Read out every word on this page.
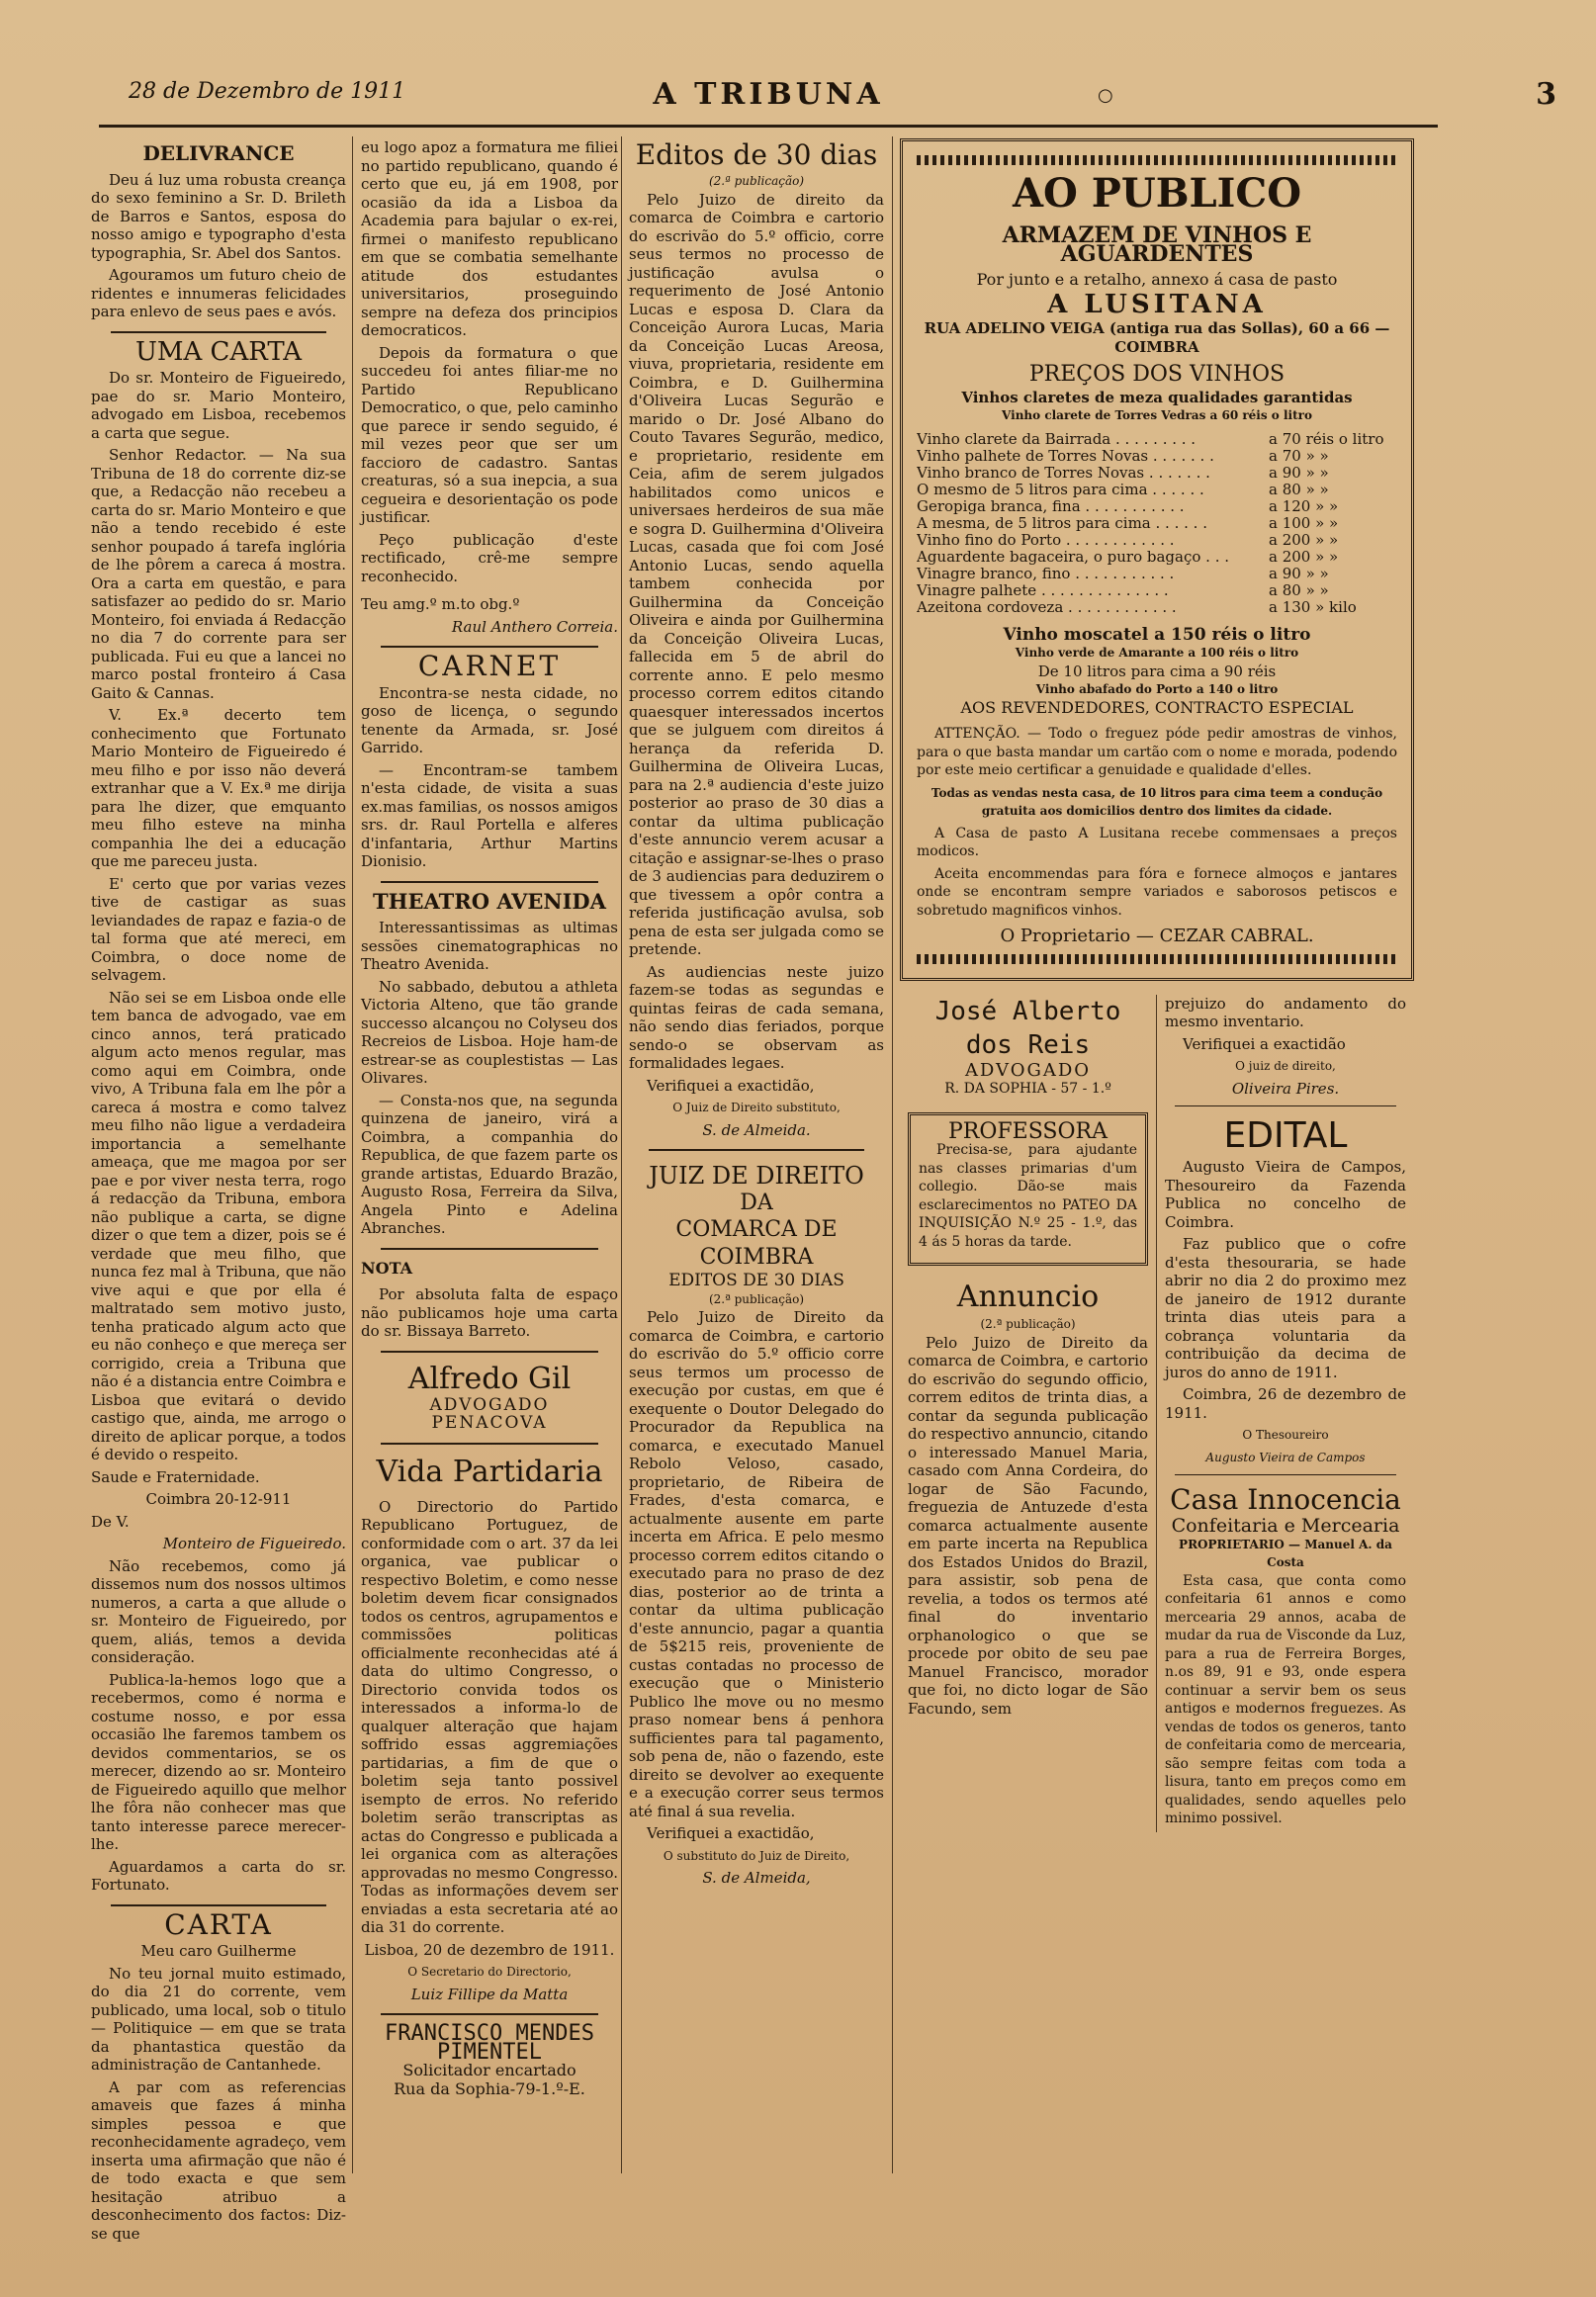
28 de Dezembro de 1911	A TRIBUNA	○	3
DELIVRANCE

Deu á luz uma robusta creança do sexo feminino a Sr. D. Brileth de Barros e Santos, esposa do nosso amigo e typographo d'esta typographia, Sr. Abel dos Santos.

Agouramos um futuro cheio de ridentes e innumeras felicidades para enlevo de seus paes e avós.

UMA CARTA

Do sr. Monteiro de Figueiredo, pae do sr. Mario Monteiro, advogado em Lisboa, recebemos a carta que segue.

Senhor Redactor. — Na sua Tribuna de 18 do corrente diz-se que, a Redacção não recebeu a carta do sr. Mario Monteiro e que não a tendo recebido é este senhor poupado á tarefa inglória de lhe pôrem a careca á mostra. Ora a carta em questão, e para satisfazer ao pedido do sr. Mario Monteiro, foi enviada á Redacção no dia 7 do corrente para ser publicada. Fui eu que a lancei no marco postal fronteiro á Casa Gaito & Cannas.

V. Ex.ª decerto tem conhecimento que Fortunato Mario Monteiro de Figueiredo é meu filho e por isso não deverá extranhar que a V. Ex.ª me dirija para lhe dizer, que emquanto meu filho esteve na minha companhia lhe dei a educação que me pareceu justa.

E' certo que por varias vezes tive de castigar as suas leviandades de rapaz e fazia-o de tal forma que até mereci, em Coimbra, o doce nome de selvagem.

Não sei se em Lisboa onde elle tem banca de advogado, vae em cinco annos, terá praticado algum acto menos regular, mas como aqui em Coimbra, onde vivo, A Tribuna fala em lhe pôr a careca á mostra e como talvez meu filho não ligue a verdadeira importancia a semelhante ameaça, que me magoa por ser pae e por viver nesta terra, rogo á redacção da Tribuna, embora não publique a carta, se digne dizer o que tem a dizer, pois se é verdade que meu filho, que nunca fez mal à Tribuna, que não vive aqui e que por ella é maltratado sem motivo justo, tenha praticado algum acto que eu não conheço e que mereça ser corrigido, creia a Tribuna que não é a distancia entre Coimbra e Lisboa que evitará o devido castigo que, ainda, me arrogo o direito de aplicar porque, a todos é devido o respeito.

Saude e Fraternidade.

Coimbra 20-12-911

De V.

Monteiro de Figueiredo.

Não recebemos, como já dissemos num dos nossos ultimos numeros, a carta a que allude o sr. Monteiro de Figueiredo, por quem, aliás, temos a devida consideração.

Publica-la-hemos logo que a recebermos, como é norma e costume nosso, e por essa occasião lhe faremos tambem os devidos commentarios, se os merecer, dizendo ao sr. Monteiro de Figueiredo aquillo que melhor lhe fôra não conhecer mas que tanto interesse parece merecer-lhe.

Aguardamos a carta do sr. Fortunato.

CARTA

Meu caro Guilherme

No teu jornal muito estimado, do dia 21 do corrente, vem publicado, uma local, sob o titulo — Politiquice — em que se trata da phantastica questão da administração de Cantanhede.

A par com as referencias amaveis que fazes á minha simples pessoa e que reconhecidamente agradeço, vem inserta uma afirmação que não é de todo exacta e que sem hesitação atribuo a desconhecimento dos factos: Diz-se que

eu logo apoz a formatura me filiei no partido republicano, quando é certo que eu, já em 1908, por ocasião da ida a Lisboa da Academia para bajular o ex-rei, firmei o manifesto republicano em que se combatia semelhante atitude dos estudantes universitarios, proseguindo sempre na defeza dos principios democraticos.

Depois da formatura o que succedeu foi antes filiar-me no Partido Republicano Democratico, o que, pelo caminho que parece ir sendo seguido, é mil vezes peor que ser um faccioro de cadastro. Santas creaturas, só a sua inepcia, a sua cegueira e desorientação os pode justificar.

Peço publicação d'este rectificado, crê-me sempre reconhecido.

Teu amg.º m.to obg.º

Raul Anthero Correia.

CARNET

Encontra-se nesta cidade, no goso de licença, o segundo tenente da Armada, sr. José Garrido.

— Encontram-se tambem n'esta cidade, de visita a suas ex.mas familias, os nossos amigos srs. dr. Raul Portella e alferes d'infantaria, Arthur Martins Dionisio.

THEATRO AVENIDA

Interessantissimas as ultimas sessões cinematographicas no Theatro Avenida.

No sabbado, debutou a athleta Victoria Alteno, que tão grande successo alcançou no Colyseu dos Recreios de Lisboa. Hoje ham-de estrear-se as couplestistas — Las Olivares.

— Consta-nos que, na segunda quinzena de janeiro, virá a Coimbra, a companhia do Republica, de que fazem parte os grande artistas, Eduardo Brazão, Augusto Rosa, Ferreira da Silva, Angela Pinto e Adelina Abranches.

NOTA

Por absoluta falta de espaço não publicamos hoje uma carta do sr. Bissaya Barreto.

Alfredo Gil
ADVOGADO
PENACOVA
Vida Partidaria

O Directorio do Partido Republicano Portuguez, de conformidade com o art. 37 da lei organica, vae publicar o respectivo Boletim, e como nesse boletim devem ficar consignados todos os centros, agrupamentos e commissões politicas officialmente reconhecidas até á data do ultimo Congresso, o Directorio convida todos os interessados a informa-lo de qualquer alteração que hajam soffrido essas aggremiações partidarias, a fim de que o boletim seja tanto possivel isempto de erros. No referido boletim serão transcriptas as actas do Congresso e publicada a lei organica com as alterações approvadas no mesmo Congresso. Todas as informações devem ser enviadas a esta secretaria até ao dia 31 do corrente.

Lisboa, 20 de dezembro de 1911.

O Secretario do Directorio,

Luiz Fillipe da Matta

FRANCISCO MENDES PIMENTEL
Solicitador encartado
Rua da Sophia-79-1.º-E.
Editos de 30 dias
(2.ª publicação)

Pelo Juizo de direito da comarca de Coimbra e cartorio do escrivão do 5.º officio, corre seus termos no processo de justificação avulsa o requerimento de José Antonio Lucas e esposa D. Clara da Conceição Aurora Lucas, Maria da Conceição Lucas Areosa, viuva, proprietaria, residente em Coimbra, e D. Guilhermina d'Oliveira Lucas Segurão e marido o Dr. José Albano do Couto Tavares Segurão, medico, e proprietario, residente em Ceia, afim de serem julgados habilitados como unicos e universaes herdeiros de sua mãe e sogra D. Guilhermina d'Oliveira Lucas, casada que foi com José Antonio Lucas, sendo aquella tambem conhecida por Guilhermina da Conceição Oliveira e ainda por Guilhermina da Conceição Oliveira Lucas, fallecida em 5 de abril do corrente anno. E pelo mesmo processo correm editos citando quaesquer interessados incertos que se julguem com direitos á herança da referida D. Guilhermina de Oliveira Lucas, para na 2.ª audiencia d'este juizo posterior ao praso de 30 dias a contar da ultima publicação d'este annuncio verem acusar a citação e assignar-se-lhes o praso de 3 audiencias para deduzirem o que tivessem a opôr contra a referida justificação avulsa, sob pena de esta ser julgada como se pretende.

As audiencias neste juizo fazem-se todas as segundas e quintas feiras de cada semana, não sendo dias feriados, porque sendo-o se observam as formalidades legaes.

Verifiquei a exactidão,

O Juiz de Direito substituto,

S. de Almeida.

JUIZ DE DIREITO
DA
COMARCA DE COIMBRA
EDITOS DE 30 DIAS
(2.ª publicação)

Pelo Juizo de Direito da comarca de Coimbra, e cartorio do escrivão do 5.º officio corre seus termos um processo de execução por custas, em que é exequente o Doutor Delegado do Procurador da Republica na comarca, e executado Manuel Rebolo Veloso, casado, proprietario, de Ribeira de Frades, d'esta comarca, e actualmente ausente em parte incerta em Africa. E pelo mesmo processo correm editos citando o executado para no praso de dez dias, posterior ao de trinta a contar da ultima publicação d'este annuncio, pagar a quantia de 5$215 reis, proveniente de custas contadas no processo de execução que o Ministerio Publico lhe move ou no mesmo praso nomear bens á penhora sufficientes para tal pagamento, sob pena de, não o fazendo, este direito se devolver ao exequente e a execução correr seus termos até final á sua revelia.

Verifiquei a exactidão,

O substituto do Juiz de Direito,

S. de Almeida,

AO PUBLICO
ARMAZEM DE VINHOS E AGUARDENTES
Por junto e a retalho, annexo á casa de pasto
A LUSITANA
RUA ADELINO VEIGA (antiga rua das Sollas), 60 a 66 — COIMBRA
PREÇOS DOS VINHOS
Vinhos claretes de meza qualidades garantidas
Vinho clarete de Torres Vedras a 60 réis o litro
Vinho clarete da Bairrada . . . . . . . . .	a 70 réis o litro
Vinho palhete de Torres Novas . . . . . . .	a 70 » »
Vinho branco de Torres Novas . . . . . . .	a 90 » »
O mesmo de 5 litros para cima . . . . . .	a 80 » »
Geropiga branca, fina . . . . . . . . . . .	a 120 » »
A mesma, de 5 litros para cima . . . . . .	a 100 » »
Vinho fino do Porto . . . . . . . . . . . .	a 200 » »
Aguardente bagaceira, o puro bagaço . . .	a 200 » »
Vinagre branco, fino . . . . . . . . . . .	a 90 » »
Vinagre palhete . . . . . . . . . . . . . .	a 80 » »
Azeitona cordoveza . . . . . . . . . . . .	a 130 » kilo
Vinho moscatel a 150 réis o litro
Vinho verde de Amarante a 100 réis o litro
De 10 litros para cima a 90 réis
Vinho abafado do Porto a 140 o litro
AOS REVENDEDORES, CONTRACTO ESPECIAL

ATTENÇÃO. — Todo o freguez póde pedir amostras de vinhos, para o que basta mandar um cartão com o nome e morada, podendo por este meio certificar a genuidade e qualidade d'elles.

Todas as vendas nesta casa, de 10 litros para cima teem a condução gratuita aos domicilios dentro dos limites da cidade.

A Casa de pasto A Lusitana recebe commensaes a preços modicos.

Aceita encommendas para fóra e fornece almoços e jantares onde se encontram sempre variados e saborosos petiscos e sobretudo magnificos vinhos.

O Proprietario — CEZAR CABRAL.
José Alberto dos Reis
ADVOGADO
R. DA SOPHIA - 57 - 1.º
PROFESSORA

Precisa-se, para ajudante nas classes primarias d'um collegio. Dão-se mais esclarecimentos no PATEO DA INQUISIÇÃO N.º 25 - 1.º, das 4 ás 5 horas da tarde.

Annuncio
(2.ª publicação)

Pelo Juizo de Direito da comarca de Coimbra, e cartorio do escrivão do segundo officio, correm editos de trinta dias, a contar da segunda publicação do respectivo annuncio, citando o interessado Manuel Maria, casado com Anna Cordeira, do logar de São Facundo, freguezia de Antuzede d'esta comarca actualmente ausente em parte incerta na Republica dos Estados Unidos do Brazil, para assistir, sob pena de revelia, a todos os termos até final do inventario orphanologico o que se procede por obito de seu pae Manuel Francisco, morador que foi, no dicto logar de São Facundo, sem

prejuizo do andamento do mesmo inventario.

Verifiquei a exactidão

O juiz de direito,

Oliveira Pires.

EDITAL

Augusto Vieira de Campos, Thesoureiro da Fazenda Publica no concelho de Coimbra.

Faz publico que o cofre d'esta thesouraria, se hade abrir no dia 2 do proximo mez de janeiro de 1912 durante trinta dias uteis para a cobrança voluntaria da contribuição da decima de juros do anno de 1911.

Coimbra, 26 de dezembro de 1911.

O Thesoureiro

Augusto Vieira de Campos

Casa Innocencia
Confeitaria e Mercearia
PROPRIETARIO — Manuel A. da Costa

Esta casa, que conta como confeitaria 61 annos e como mercearia 29 annos, acaba de mudar da rua de Visconde da Luz, para a rua de Ferreira Borges, n.os 89, 91 e 93, onde espera continuar a servir bem os seus antigos e modernos freguezes. As vendas de todos os generos, tanto de confeitaria como de mercearia, são sempre feitas com toda a lisura, tanto em preços como em qualidades, sendo aquelles pelo minimo possivel.
